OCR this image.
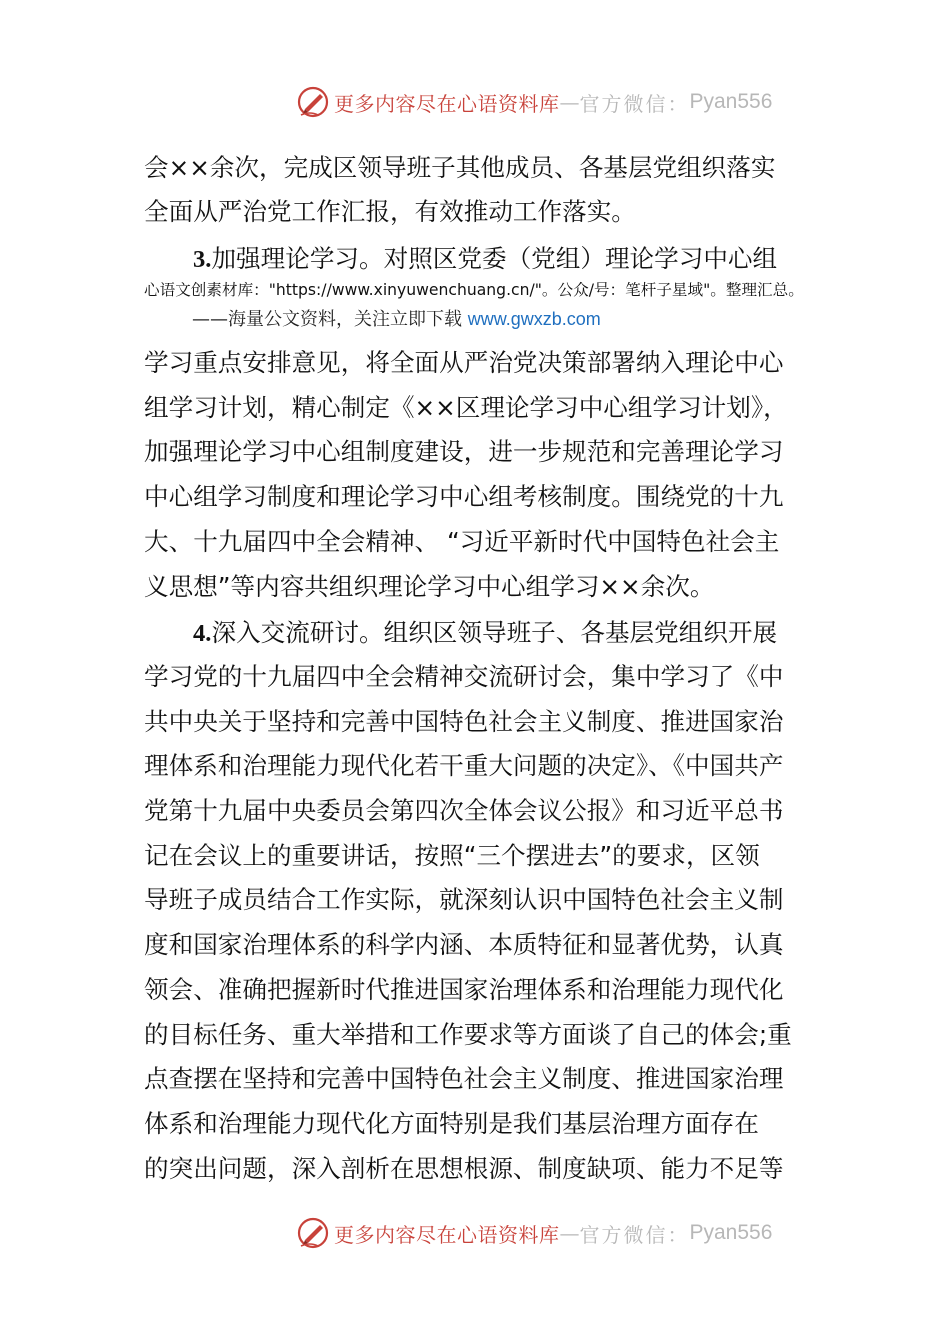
更多内容尽在心语资料库 — 官方微信： Pyan556
会××余次，完成区领导班子其他成员、各基层党组织落实
全面从严治党工作汇报，有效推动工作落实。
3.加强理论学习。对照区党委（党组）理论学习中心组
心语文创素材库："https://www.xinyuwenchuang.cn/"。公众/号：笔杆子星域"。整理汇总。
——海量公文资料，关注立即下载 www.gwxzb.com
学习重点安排意见，将全面从严治党决策部署纳入理论中心
组学习计划，精心制定《××区理论学习中心组学习计划》，
加强理论学习中心组制度建设，进一步规范和完善理论学习
中心组学习制度和理论学习中心组考核制度。围绕党的十九
大、十九届四中全会精神、 “习近平新时代中国特色社会主
义思想”等内容共组织理论学习中心组学习××余次。
4.深入交流研讨。组织区领导班子、各基层党组织开展
学习党的十九届四中全会精神交流研讨会，集中学习了《中
共中央关于坚持和完善中国特色社会主义制度、推进国家治
理体系和治理能力现代化若干重大问题的决定》、《中国共产
党第十九届中央委员会第四次全体会议公报》和习近平总书
记在会议上的重要讲话，按照“三个摆进去”的要求，区领
导班子成员结合工作实际，就深刻认识中国特色社会主义制
度和国家治理体系的科学内涵、本质特征和显著优势，认真
领会、准确把握新时代推进国家治理体系和治理能力现代化
的目标任务、重大举措和工作要求等方面谈了自己的体会;重
点查摆在坚持和完善中国特色社会主义制度、推进国家治理
体系和治理能力现代化方面特别是我们基层治理方面存在
的突出问题，深入剖析在思想根源、制度缺项、能力不足等
更多内容尽在心语资料库 — 官方微信： Pyan556
